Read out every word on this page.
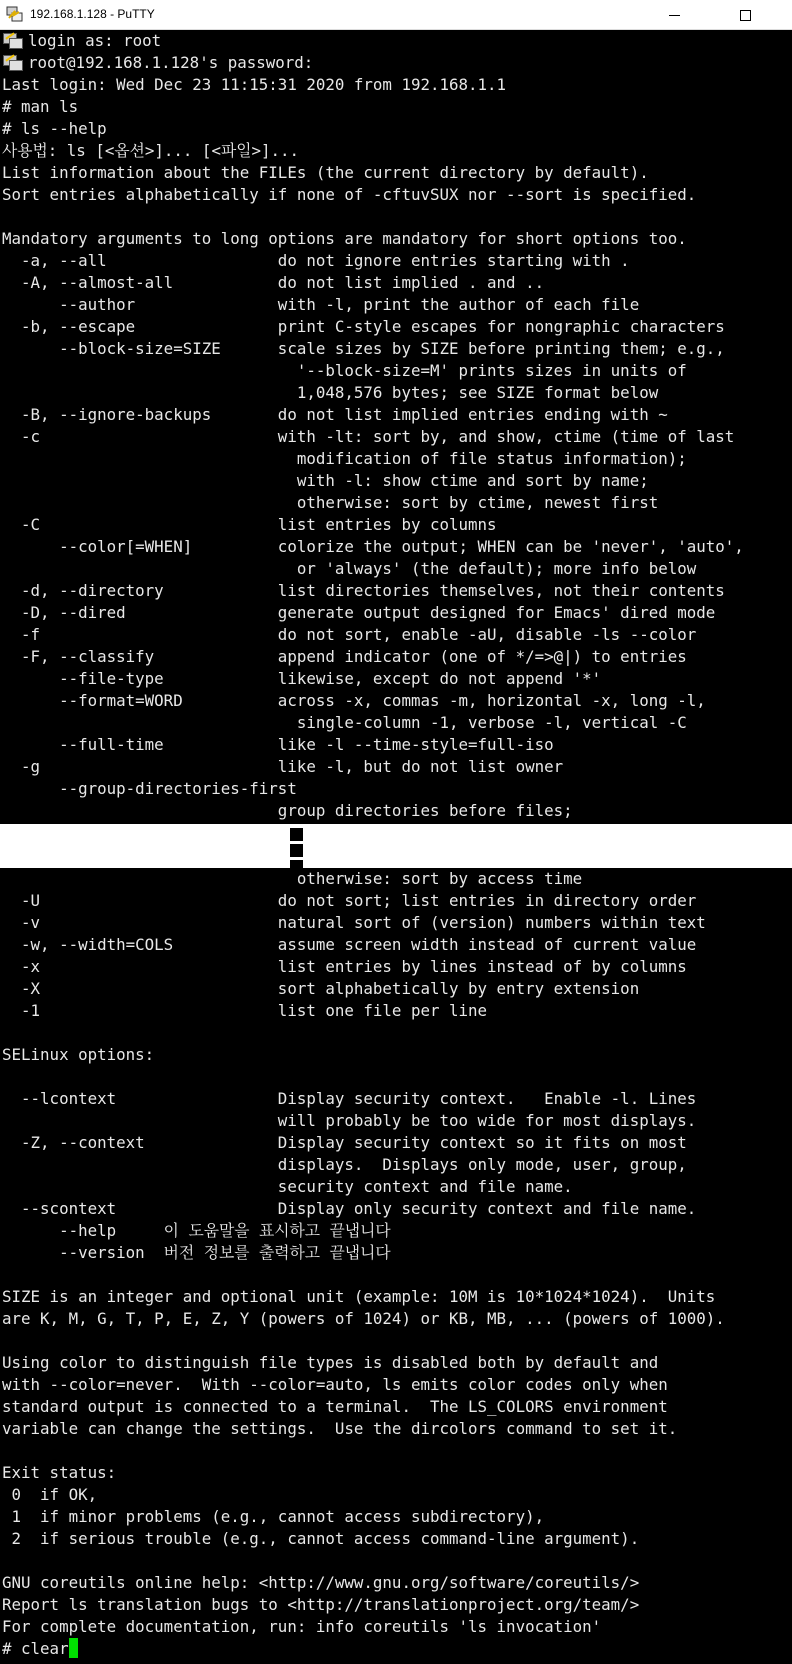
192.168.1.128 - PuTTY
login as: root
root@192.168.1.128's password:
Last login: Wed Dec 23 11:15:31 2020 from 192.168.1.1
# man ls
# ls --help
사용법: ls [<옵션>]... [<파일>]...
List information about the FILEs (the current directory by default).
Sort entries alphabetically if none of -cftuvSUX nor --sort is specified.
Mandatory arguments to long options are mandatory for short options too.
-a, --all                  do not ignore entries starting with .
-A, --almost-all           do not list implied . and ..
--author               with -l, print the author of each file
-b, --escape               print C-style escapes for nongraphic characters
--block-size=SIZE      scale sizes by SIZE before printing them; e.g.,
'--block-size=M' prints sizes in units of
1,048,576 bytes; see SIZE format below
-B, --ignore-backups       do not list implied entries ending with ~
-c                         with -lt: sort by, and show, ctime (time of last
modification of file status information);
with -l: show ctime and sort by name;
otherwise: sort by ctime, newest first
-C                         list entries by columns
--color[=WHEN]         colorize the output; WHEN can be 'never', 'auto',
or 'always' (the default); more info below
-d, --directory            list directories themselves, not their contents
-D, --dired                generate output designed for Emacs' dired mode
-f                         do not sort, enable -aU, disable -ls --color
-F, --classify             append indicator (one of */=>@|) to entries
--file-type            likewise, except do not append '*'
--format=WORD          across -x, commas -m, horizontal -x, long -l,
single-column -1, verbose -l, vertical -C
--full-time            like -l --time-style=full-iso
-g                         like -l, but do not list owner
--group-directories-first
group directories before files;
otherwise: sort by access time
-U                         do not sort; list entries in directory order
-v                         natural sort of (version) numbers within text
-w, --width=COLS           assume screen width instead of current value
-x                         list entries by lines instead of by columns
-X                         sort alphabetically by entry extension
-1                         list one file per line
SELinux options:
--lcontext                 Display security context.   Enable -l. Lines
will probably be too wide for most displays.
-Z, --context              Display security context so it fits on most
displays.  Displays only mode, user, group,
security context and file name.
--scontext                 Display only security context and file name.
--help     이 도움말을 표시하고 끝냅니다
--version  버전 정보를 출력하고 끝냅니다
SIZE is an integer and optional unit (example: 10M is 10*1024*1024).  Units
are K, M, G, T, P, E, Z, Y (powers of 1024) or KB, MB, ... (powers of 1000).
Using color to distinguish file types is disabled both by default and
with --color=never.  With --color=auto, ls emits color codes only when
standard output is connected to a terminal.  The LS_COLORS environment
variable can change the settings.  Use the dircolors command to set it.
Exit status:
0  if OK,
1  if minor problems (e.g., cannot access subdirectory),
2  if serious trouble (e.g., cannot access command-line argument).
GNU coreutils online help: <http://www.gnu.org/software/coreutils/>
Report ls translation bugs to <http://translationproject.org/team/>
For complete documentation, run: info coreutils 'ls invocation'
# clear
